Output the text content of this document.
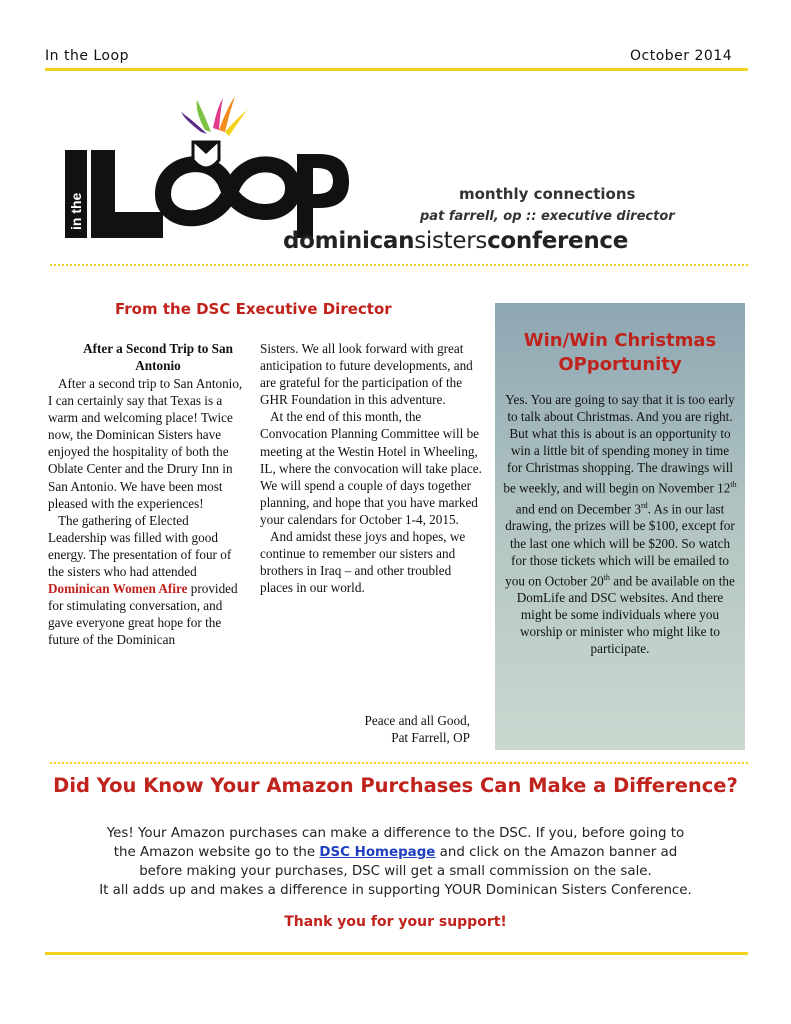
In the Loop	October 2014
in the	monthly connections
pat farrell, op :: executive director
dominicansistersconference
From the DSC Executive Director
After a Second Trip to San Antonio

After a second trip to San Antonio, I can certainly say that Texas is a warm and welcoming place! Twice now, the Dominican Sisters have enjoyed the hospitality of both the Oblate Center and the Drury Inn in San Antonio. We have been most pleased with the experiences!

The gathering of Elected Leadership was filled with good energy. The presentation of four of the sisters who had attended Dominican Women Afire provided for stimulating conversation, and gave everyone great hope for the future of the Dominican

Sisters. We all look forward with great anticipation to future developments, and are grateful for the participation of the GHR Foundation in this adventure.

At the end of this month, the Convocation Planning Committee will be meeting at the Westin Hotel in Wheeling, IL, where the convocation will take place. We will spend a couple of days together planning, and hope that you have marked your calendars for October 1-4, 2015.

And amidst these joys and hopes, we continue to remember our sisters and brothers in Iraq – and other troubled places in our world.

Peace and all Good,
Pat Farrell, OP
Win/Win Christmas OPportunity

Yes. You are going to say that it is too early to talk about Christmas. And you are right.

But what this is about is an opportunity to win a little bit of spending money in time for Christmas shopping. The drawings will be weekly, and will begin on November 12th and end on December 3rd. As in our last drawing, the prizes will be $100, except for the last one which will be $200. So watch for those tickets which will be emailed to you on October 20th and be available on the DomLife and DSC websites. And there might be some individuals where you worship or minister who might like to participate.

Did You Know Your Amazon Purchases Can Make a Difference?

Yes! Your Amazon purchases can make a difference to the DSC. If you, before going to

the Amazon website go to the DSC Homepage and click on the Amazon banner ad

before making your purchases, DSC will get a small commission on the sale.

It all adds up and makes a difference in supporting YOUR Dominican Sisters Conference.

Thank you for your support!
